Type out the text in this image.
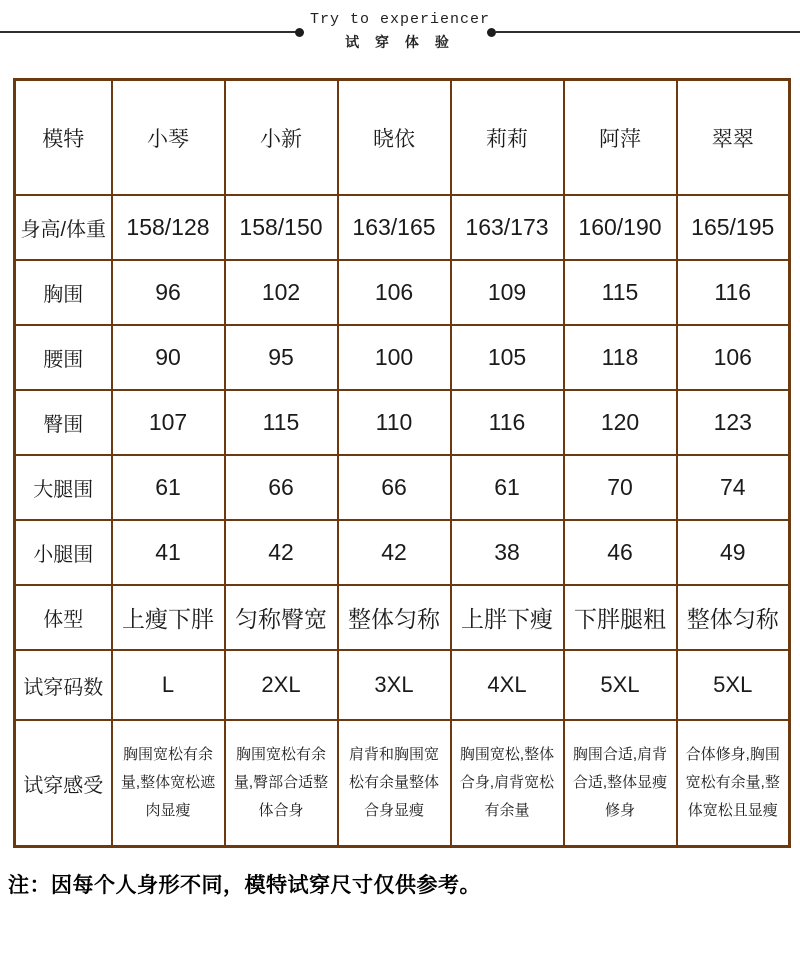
Try to experiencer
试 穿 体 验
模特	小琴	小新	晓依	莉莉	阿萍	翠翠
身高/体重	158/128	158/150	163/165	163/173	160/190	165/195
胸围	96	102	106	109	115	116
腰围	90	95	100	105	118	106
臀围	107	115	110	116	120	123
大腿围	61	66	66	61	70	74
小腿围	41	42	42	38	46	49
体型	上瘦下胖	匀称臀宽	整体匀称	上胖下瘦	下胖腿粗	整体匀称
试穿码数	L	2XL	3XL	4XL	5XL	5XL
试穿感受	胸围宽松有余量,整体宽松遮肉显瘦	胸围宽松有余量,臀部合适整体合身	肩背和胸围宽松有余量整体合身显瘦	胸围宽松,整体合身,肩背宽松有余量	胸围合适,肩背合适,整体显瘦修身	合体修身,胸围宽松有余量,整体宽松且显瘦
注：因每个人身形不同，模特试穿尺寸仅供参考。
